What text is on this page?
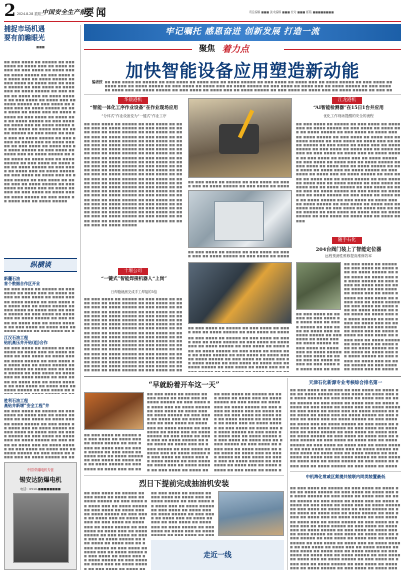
2 2024.8.28 星期三
中国安全生产报
要闻	责任编辑 ■■■ 美术编辑 ■■■ 校对 ■■■ 邮箱 ■■■■■■■■
捕捉市场机遇
要有前瞻眼光
■■■
■■ ■■■ ■■■■ ■■ ■■■■■ ■■ ■■■ ■■■■ ■■ ■■■■ ■■■ ■■ ■■■■ ■■■■■ ■■ ■■■ ■■■■ ■■ ■■■■ ■■■ ■■ ■■■■ ■■■■■ ■■ ■■■ ■■■■ ■■ ■■■■ ■■■ ■■ ■■■■ ■■■■■ ■■ ■■■ ■■■■ ■■ ■■■■ ■■■ ■■ ■■■■ ■■■■■ ■■ ■■■ ■■■■ ■■ ■■■■ ■■■ ■■ ■■■■ ■■■■■ ■■ ■■■ ■■■■ ■■ ■■■■ ■■■ ■■ ■■■■ ■■■■■ ■■ ■■■ ■■■■ ■■ ■■■■ ■■■ ■■ ■■■■ ■■■■■ ■■ ■■■ ■■■■ ■■ ■■■■ ■■■ ■■ ■■■■ ■■■■■ ■■ ■■■ ■■■■ ■■ ■■■■ ■■■ ■■ ■■■■ ■■■■■ ■■ ■■■ ■■■■ ■■ ■■■■ ■■■ ■■ ■■■■ ■■■■■ ■■ ■■■ ■■■■ ■■ ■■■■ ■■■ ■■ ■■■■ ■■■■■ ■■ ■■■ ■■■■ ■■ ■■■■ ■■■ ■■ ■■■■ ■■■■■ ■■ ■■■ ■■■■ ■■ ■■■■ ■■■ ■■ ■■■■ ■■■■■ ■■ ■■■ ■■■■ ■■ ■■■■ ■■■ ■■ ■■■■ ■■■■■ ■■ ■■■ ■■■■ ■■ ■■■■ ■■■ ■■ ■■■■ ■■■■■ ■■ ■■■ ■■■■ ■■ ■■■■ ■■■ ■■ ■■■■ ■■■■■ ■■ ■■■ ■■■■ ■■ ■■■■ ■■■ ■■ ■■■■ ■■■■■ ■■ ■■■ ■■■■ ■■ ■■■■ ■■■ ■■ ■■■■ ■■■■■ ■■ ■■■ ■■■■ ■■ ■■■■ ■■■ ■■ ■■■■ ■■■■■ ■■ ■■■ ■■■■ ■■ ■■■■ ■■■ ■■ ■■■■ ■■■■■ ■■ ■■■ ■■■■ ■■ ■■■■ ■■■ ■■ ■■■■ ■■■■■ ■■ ■■■ ■■■■ ■■ ■■■■ ■■■ ■■ ■■■■ ■■■■■ ■■ ■■■ ■■■■ ■■ ■■■■ ■■■ ■■ ■■■■ ■■■■■ ■■ ■■■ ■■■■ ■■ ■■■■ ■■■ ■■ ■■■■ ■■■■■
纵横谈
新疆石油
首个数据合作区开业
■■ ■■■ ■■■■ ■■ ■■■■■ ■■ ■■■ ■■■■ ■■ ■■■■ ■■■ ■■ ■■■■ ■■■■■ ■■ ■■■ ■■■■ ■■ ■■■■ ■■■ ■■ ■■■■ ■■■■■ ■■ ■■■ ■■■■ ■■ ■■■■ ■■■ ■■ ■■■■ ■■■■■ ■■ ■■■ ■■■■ ■■ ■■■■ ■■■ ■■ ■■■■ ■■■■■ ■■ ■■■ ■■■■ ■■ ■■■■ ■■■ ■■ ■■■■ ■■■■■ ■■ ■■■ ■■■■ ■■ ■■■■ ■■■ ■■ ■■■■ ■■■■■ ■■ ■■■ ■■■■ ■■ ■■■■ ■■■ ■■ ■■■■ ■■■■■ ■■ ■■■ ■■■■ ■■ ■■■■ ■■■ ■■ ■■■■ ■■■■■ ■■ ■■■ ■■■■ ■■ ■■■■ ■■■ ■■ ■■■■ ■■■■■ ■■ ■■■ ■■■■ ■■ ■■■■ ■■■ ■■ ■■■■ ■■■■■ ■■ ■■■ ■■■■ ■■ ■■■■ ■■■ ■■ ■■■■ ■■■■■ ■■ ■■■ ■■■■ ■■ ■■■■ ■■■ ■■ ■■■■ ■■■■■ ■■ ■■■ ■■■■ ■■ ■■■■ ■■■ ■■ ■■■■ ■■■■■ ■■ ■■■ ■■■■ ■■ ■■■■ ■■■ ■■ ■■■■ ■■■■■ ■■ ■■■ ■■■■ ■■ ■■■■ ■■■ ■■ ■■■■ ■■■■■ ■■ ■■■ ■■■■ ■■ ■■■■ ■■■ ■■ ■■■■ ■■■■■ ■■ ■■■ ■■■■ ■■ ■■■■ ■■■ ■■ ■■■■ ■■■■■ ■■ ■■■ ■■■■ ■■ ■■■■ ■■■ ■■ ■■■■ ■■■■■ ■■ ■■■ ■■■■ ■■ ■■■■ ■■■ ■■ ■■■■ ■■■■■ ■■ ■■■ ■■■■ ■■ ■■■■ ■■■ ■■ ■■■■ ■■■■■ ■■ ■■■ ■■■■ ■■ ■■■■ ■■■ ■■ ■■■■ ■■■■■ ■■ ■■■ ■■■■ ■■ ■■■■ ■■■ ■■ ■■■■ ■■■■■ ■■ ■■■ ■■■■ ■■ ■■■■ ■■■ ■■ ■■■■ ■■■■■ ■■ ■■■ ■■■■ ■■ ■■■■ ■■■ ■■ ■■■■ ■■■■■
江汉石油工程
钻机高压井开钻(组)合作
■■ ■■■ ■■■■ ■■ ■■■■■ ■■ ■■■ ■■■■ ■■ ■■■■ ■■■ ■■ ■■■■ ■■■■■ ■■ ■■■ ■■■■ ■■ ■■■■ ■■■ ■■ ■■■■ ■■■■■ ■■ ■■■ ■■■■ ■■ ■■■■ ■■■ ■■ ■■■■ ■■■■■ ■■ ■■■ ■■■■ ■■ ■■■■ ■■■ ■■ ■■■■ ■■■■■ ■■ ■■■ ■■■■ ■■ ■■■■ ■■■ ■■ ■■■■ ■■■■■ ■■ ■■■ ■■■■ ■■ ■■■■ ■■■ ■■ ■■■■ ■■■■■ ■■ ■■■ ■■■■ ■■ ■■■■ ■■■ ■■ ■■■■ ■■■■■ ■■ ■■■ ■■■■ ■■ ■■■■ ■■■ ■■ ■■■■ ■■■■■ ■■ ■■■ ■■■■ ■■ ■■■■ ■■■ ■■ ■■■■ ■■■■■ ■■ ■■■ ■■■■ ■■ ■■■■ ■■■ ■■ ■■■■ ■■■■■ ■■ ■■■ ■■■■ ■■ ■■■■ ■■■ ■■ ■■■■ ■■■■■ ■■ ■■■ ■■■■ ■■ ■■■■ ■■■ ■■ ■■■■ ■■■■■ ■■ ■■■ ■■■■ ■■ ■■■■ ■■■ ■■ ■■■■ ■■■■■ ■■ ■■■ ■■■■ ■■ ■■■■ ■■■ ■■ ■■■■ ■■■■■ ■■ ■■■ ■■■■ ■■ ■■■■ ■■■ ■■ ■■■■ ■■■■■ ■■ ■■■ ■■■■ ■■ ■■■■ ■■■ ■■ ■■■■ ■■■■■ ■■ ■■■ ■■■■ ■■ ■■■■ ■■■ ■■ ■■■■ ■■■■■ ■■ ■■■ ■■■■ ■■ ■■■■ ■■■ ■■ ■■■■ ■■■■■ ■■ ■■■ ■■■■ ■■ ■■■■ ■■■ ■■ ■■■■ ■■■■■ ■■ ■■■ ■■■■ ■■ ■■■■ ■■■ ■■ ■■■■ ■■■■■ ■■ ■■■ ■■■■ ■■ ■■■■ ■■■ ■■ ■■■■ ■■■■■ ■■ ■■■ ■■■■ ■■ ■■■■ ■■■ ■■ ■■■■ ■■■■■ ■■ ■■■ ■■■■ ■■ ■■■■ ■■■ ■■ ■■■■ ■■■■■ ■■ ■■■ ■■■■ ■■ ■■■■ ■■■ ■■ ■■■■ ■■■■■
胜利石油工程
高钻井新增“安全工程”井
■■ ■■■ ■■■■ ■■ ■■■■■ ■■ ■■■ ■■■■ ■■ ■■■■ ■■■ ■■ ■■■■ ■■■■■ ■■ ■■■ ■■■■ ■■ ■■■■ ■■■ ■■ ■■■■ ■■■■■ ■■ ■■■ ■■■■ ■■ ■■■■ ■■■ ■■ ■■■■ ■■■■■ ■■ ■■■ ■■■■ ■■ ■■■■ ■■■ ■■ ■■■■ ■■■■■ ■■ ■■■ ■■■■ ■■ ■■■■ ■■■ ■■ ■■■■ ■■■■■ ■■ ■■■ ■■■■ ■■ ■■■■ ■■■ ■■ ■■■■ ■■■■■ ■■ ■■■ ■■■■ ■■ ■■■■ ■■■ ■■ ■■■■ ■■■■■ ■■ ■■■ ■■■■ ■■ ■■■■ ■■■ ■■ ■■■■ ■■■■■ ■■ ■■■ ■■■■ ■■ ■■■■ ■■■ ■■ ■■■■ ■■■■■ ■■ ■■■ ■■■■ ■■ ■■■■ ■■■ ■■ ■■■■ ■■■■■ ■■ ■■■ ■■■■ ■■ ■■■■ ■■■ ■■ ■■■■ ■■■■■ ■■ ■■■ ■■■■ ■■ ■■■■ ■■■ ■■ ■■■■ ■■■■■ ■■ ■■■ ■■■■ ■■ ■■■■ ■■■ ■■ ■■■■ ■■■■■ ■■ ■■■ ■■■■ ■■ ■■■■ ■■■ ■■ ■■■■ ■■■■■ ■■ ■■■ ■■■■ ■■ ■■■■ ■■■ ■■ ■■■■ ■■■■■ ■■ ■■■ ■■■■ ■■ ■■■■ ■■■ ■■ ■■■■ ■■■■■ ■■ ■■■ ■■■■ ■■ ■■■■ ■■■ ■■ ■■■■ ■■■■■ ■■ ■■■ ■■■■ ■■ ■■■■ ■■■ ■■ ■■■■ ■■■■■ ■■ ■■■ ■■■■ ■■ ■■■■ ■■■ ■■ ■■■■ ■■■■■ ■■ ■■■ ■■■■ ■■ ■■■■ ■■■ ■■ ■■■■ ■■■■■ ■■ ■■■ ■■■■ ■■ ■■■■ ■■■ ■■ ■■■■ ■■■■■ ■■ ■■■ ■■■■ ■■ ■■■■ ■■■ ■■ ■■■■ ■■■■■ ■■ ■■■ ■■■■ ■■ ■■■■ ■■■ ■■ ■■■■ ■■■■■ ■■ ■■■ ■■■■ ■■ ■■■■ ■■■ ■■ ■■■■ ■■■■■
中国·防爆电机专营
锡安达防爆电机
电话：0510-■■■■■■■■
牢记嘱托 感恩奋进 创新发展 打造一流
聚焦 着力点
加快智能设备应用塑造新动能
编者按
■■ ■■■ ■■■■ ■■ ■■■■■ ■■ ■■■ ■■■■ ■■ ■■■■ ■■■ ■■ ■■■■ ■■■■■ ■■ ■■■ ■■■■ ■■ ■■■■ ■■■ ■■ ■■■■ ■■■■■ ■■ ■■■ ■■■■ ■■ ■■■■ ■■■ ■■ ■■■■ ■■■■■ ■■ ■■■ ■■■■ ■■ ■■■■ ■■■ ■■ ■■■■ ■■■■■ ■■ ■■■ ■■■■ ■■ ■■■■ ■■■ ■■ ■■■■ ■■■■■ ■■ ■■■ ■■■■ ■■ ■■■■ ■■■ ■■ ■■■■ ■■■■■ ■■ ■■■ ■■■■ ■■ ■■■■ ■■■ ■■ ■■■■ ■■■■■ ■■ ■■■ ■■■■ ■■ ■■■■ ■■■ ■■ ■■■■ ■■■■■ ■■ ■■■ ■■■■ ■■ ■■■■ ■■■ ■■ ■■■■ ■■■■■ ■■ ■■■ ■■■■ ■■ ■■■■ ■■■ ■■ ■■■■ ■■■■■ ■■ ■■■ ■■■■ ■■ ■■■■ ■■■ ■■ ■■■■ ■■■■■ ■■ ■■■ ■■■■ ■■ ■■■■ ■■■ ■■ ■■■■ ■■■■■ ■■ ■■■ ■■■■ ■■ ■■■■ ■■■ ■■ ■■■■ ■■■■■ ■■ ■■■ ■■■■ ■■ ■■■■ ■■■ ■■ ■■■■ ■■■■■ ■■ ■■■ ■■■■ ■■ ■■■■ ■■■ ■■ ■■■■ ■■■■■ ■■ ■■■ ■■■■ ■■ ■■■■ ■■■ ■■ ■■■■ ■■■■■ ■■ ■■■ ■■■■ ■■ ■■■■ ■■■ ■■ ■■■■ ■■■■■ ■■ ■■■ ■■■■ ■■ ■■■■ ■■■ ■■ ■■■■ ■■■■■ ■■ ■■■ ■■■■ ■■ ■■■■ ■■■ ■■ ■■■■ ■■■■■ ■■ ■■■ ■■■■ ■■ ■■■■ ■■■ ■■ ■■■■ ■■■■■ ■■ ■■■ ■■■■ ■■ ■■■■ ■■■ ■■ ■■■■ ■■■■■ ■■ ■■■ ■■■■ ■■ ■■■■ ■■■ ■■ ■■■■ ■■■■■ ■■ ■■■ ■■■■ ■■ ■■■■ ■■■ ■■ ■■■■ ■■■■■ ■■ ■■■ ■■■■ ■■ ■■■■ ■■■ ■■ ■■■■ ■■■■■
华晨港机
“智能一体化工序作业设备”在作业现场应用
“分体式”作业设备变为“一键式”作业工序
■■ ■■■ ■■■■ ■■ ■■■■■ ■■ ■■■ ■■■■ ■■ ■■■■ ■■■ ■■ ■■■■ ■■■■■ ■■ ■■■ ■■■■ ■■ ■■■■ ■■■ ■■ ■■■■ ■■■■■ ■■ ■■■ ■■■■ ■■ ■■■■ ■■■ ■■ ■■■■ ■■■■■ ■■ ■■■ ■■■■ ■■ ■■■■ ■■■ ■■ ■■■■ ■■■■■ ■■ ■■■ ■■■■ ■■ ■■■■ ■■■ ■■ ■■■■ ■■■■■ ■■ ■■■ ■■■■ ■■ ■■■■ ■■■ ■■ ■■■■ ■■■■■ ■■ ■■■ ■■■■ ■■ ■■■■ ■■■ ■■ ■■■■ ■■■■■ ■■ ■■■ ■■■■ ■■ ■■■■ ■■■ ■■ ■■■■ ■■■■■ ■■ ■■■ ■■■■ ■■ ■■■■ ■■■ ■■ ■■■■ ■■■■■ ■■ ■■■ ■■■■ ■■ ■■■■ ■■■ ■■ ■■■■ ■■■■■ ■■ ■■■ ■■■■ ■■ ■■■■ ■■■ ■■ ■■■■ ■■■■■ ■■ ■■■ ■■■■ ■■ ■■■■ ■■■ ■■ ■■■■ ■■■■■ ■■ ■■■ ■■■■ ■■ ■■■■ ■■■ ■■ ■■■■ ■■■■■ ■■ ■■■ ■■■■ ■■ ■■■■ ■■■ ■■ ■■■■ ■■■■■ ■■ ■■■ ■■■■ ■■ ■■■■ ■■■ ■■ ■■■■ ■■■■■ ■■ ■■■ ■■■■ ■■ ■■■■ ■■■ ■■ ■■■■ ■■■■■ ■■ ■■■ ■■■■ ■■ ■■■■ ■■■ ■■ ■■■■ ■■■■■ ■■ ■■■ ■■■■ ■■ ■■■■ ■■■ ■■ ■■■■ ■■■■■ ■■ ■■■ ■■■■ ■■ ■■■■ ■■■ ■■ ■■■■ ■■■■■ ■■ ■■■ ■■■■ ■■ ■■■■ ■■■ ■■ ■■■■ ■■■■■ ■■ ■■■ ■■■■ ■■ ■■■■ ■■■ ■■ ■■■■ ■■■■■ ■■ ■■■ ■■■■ ■■ ■■■■ ■■■ ■■ ■■■■ ■■■■■ ■■ ■■■ ■■■■ ■■ ■■■■ ■■■ ■■ ■■■■ ■■■■■ ■■ ■■■ ■■■■ ■■ ■■■■ ■■■ ■■ ■■■■ ■■■■■
■■ ■■■ ■■■■ ■■ ■■■■■ ■■ ■■■ ■■■■ ■■ ■■■■ ■■■ ■■ ■■■■ ■■■■■ ■■ ■■■ ■■■■ ■■ ■■■■ ■■■ ■■ ■■■■ ■■■■■ ■■ ■■■ ■■■■ ■■ ■■■■ ■■■ ■■ ■■■■ ■■■■■ ■■ ■■■ ■■■■ ■■ ■■■■ ■■■ ■■ ■■■■ ■■■■■ ■■ ■■■ ■■■■ ■■ ■■■■ ■■■ ■■ ■■■■ ■■■■■ ■■ ■■■ ■■■■ ■■ ■■■■ ■■■ ■■ ■■■■ ■■■■■ ■■ ■■■ ■■■■ ■■ ■■■■ ■■■ ■■ ■■■■ ■■■■■ ■■ ■■■ ■■■■ ■■ ■■■■ ■■■ ■■ ■■■■ ■■■■■ ■■ ■■■ ■■■■ ■■ ■■■■ ■■■ ■■ ■■■■ ■■■■■ ■■ ■■■ ■■■■ ■■ ■■■■ ■■■ ■■ ■■■■ ■■■■■ ■■ ■■■ ■■■■ ■■ ■■■■ ■■■ ■■ ■■■■ ■■■■■ ■■ ■■■ ■■■■ ■■ ■■■■ ■■■ ■■ ■■■■ ■■■■■ ■■ ■■■ ■■■■ ■■ ■■■■ ■■■ ■■ ■■■■ ■■■■■ ■■ ■■■ ■■■■ ■■ ■■■■ ■■■ ■■ ■■■■ ■■■■■ ■■ ■■■ ■■■■ ■■ ■■■■ ■■■ ■■ ■■■■ ■■■■■ ■■ ■■■ ■■■■ ■■ ■■■■ ■■■ ■■ ■■■■ ■■■■■ ■■ ■■■ ■■■■ ■■ ■■■■ ■■■ ■■ ■■■■ ■■■■■ ■■ ■■■ ■■■■ ■■ ■■■■ ■■■ ■■ ■■■■ ■■■■■ ■■ ■■■ ■■■■ ■■ ■■■■ ■■■ ■■ ■■■■ ■■■■■ ■■ ■■■ ■■■■ ■■ ■■■■ ■■■ ■■ ■■■■ ■■■■■ ■■ ■■■ ■■■■ ■■ ■■■■ ■■■ ■■ ■■■■ ■■■■■ ■■ ■■■ ■■■■ ■■ ■■■■ ■■■ ■■ ■■■■ ■■■■■ ■■ ■■■ ■■■■ ■■ ■■■■ ■■■ ■■ ■■■■ ■■■■■ ■■ ■■■ ■■■■ ■■ ■■■■ ■■■ ■■ ■■■■ ■■■■■
■■ ■■■ ■■■■ ■■ ■■■■■ ■■ ■■■ ■■■■ ■■ ■■■■ ■■■ ■■ ■■■■ ■■■■■ ■■ ■■■ ■■■■ ■■ ■■■■ ■■■ ■■ ■■■■ ■■■■■ ■■ ■■■ ■■■■ ■■ ■■■■ ■■■ ■■ ■■■■ ■■■■■ ■■ ■■■ ■■■■ ■■ ■■■■ ■■■ ■■ ■■■■ ■■■■■ ■■ ■■■ ■■■■ ■■ ■■■■ ■■■ ■■ ■■■■ ■■■■■ ■■ ■■■ ■■■■ ■■ ■■■■ ■■■ ■■ ■■■■ ■■■■■ ■■ ■■■ ■■■■ ■■ ■■■■ ■■■ ■■ ■■■■ ■■■■■ ■■ ■■■ ■■■■ ■■ ■■■■ ■■■ ■■ ■■■■ ■■■■■ ■■ ■■■ ■■■■ ■■ ■■■■ ■■■ ■■ ■■■■ ■■■■■ ■■ ■■■ ■■■■ ■■ ■■■■ ■■■ ■■ ■■■■ ■■■■■ ■■ ■■■ ■■■■ ■■ ■■■■ ■■■ ■■ ■■■■ ■■■■■ ■■ ■■■ ■■■■ ■■ ■■■■ ■■■ ■■ ■■■■ ■■■■■ ■■ ■■■ ■■■■ ■■ ■■■■ ■■■ ■■ ■■■■ ■■■■■ ■■ ■■■ ■■■■ ■■ ■■■■ ■■■ ■■ ■■■■ ■■■■■ ■■ ■■■ ■■■■ ■■ ■■■■ ■■■ ■■ ■■■■ ■■■■■ ■■ ■■■ ■■■■ ■■ ■■■■ ■■■ ■■ ■■■■ ■■■■■ ■■ ■■■ ■■■■ ■■ ■■■■ ■■■ ■■ ■■■■ ■■■■■ ■■ ■■■ ■■■■ ■■ ■■■■ ■■■ ■■ ■■■■ ■■■■■ ■■ ■■■ ■■■■ ■■ ■■■■ ■■■ ■■ ■■■■ ■■■■■ ■■ ■■■ ■■■■ ■■ ■■■■ ■■■ ■■ ■■■■ ■■■■■ ■■ ■■■ ■■■■ ■■ ■■■■ ■■■ ■■ ■■■■ ■■■■■ ■■ ■■■ ■■■■ ■■ ■■■■ ■■■ ■■ ■■■■ ■■■■■ ■■ ■■■ ■■■■ ■■ ■■■■ ■■■ ■■ ■■■■ ■■■■■ ■■ ■■■ ■■■■ ■■ ■■■■ ■■■ ■■ ■■■■ ■■■■■
江龙港机
“AI智能检测器”在15日1台井应用
优化工作现场提醒的安全的流程
■■ ■■■ ■■■■ ■■ ■■■■■ ■■ ■■■ ■■■■ ■■ ■■■■ ■■■ ■■ ■■■■ ■■■■■ ■■ ■■■ ■■■■ ■■ ■■■■ ■■■ ■■ ■■■■ ■■■■■ ■■ ■■■ ■■■■ ■■ ■■■■ ■■■ ■■ ■■■■ ■■■■■ ■■ ■■■ ■■■■ ■■ ■■■■ ■■■ ■■ ■■■■ ■■■■■ ■■ ■■■ ■■■■ ■■ ■■■■ ■■■ ■■ ■■■■ ■■■■■ ■■ ■■■ ■■■■ ■■ ■■■■ ■■■ ■■ ■■■■ ■■■■■ ■■ ■■■ ■■■■ ■■ ■■■■ ■■■ ■■ ■■■■ ■■■■■ ■■ ■■■ ■■■■ ■■ ■■■■ ■■■ ■■ ■■■■ ■■■■■ ■■ ■■■ ■■■■ ■■ ■■■■ ■■■ ■■ ■■■■ ■■■■■ ■■ ■■■ ■■■■ ■■ ■■■■ ■■■ ■■ ■■■■ ■■■■■ ■■ ■■■ ■■■■ ■■ ■■■■ ■■■ ■■ ■■■■ ■■■■■ ■■ ■■■ ■■■■ ■■ ■■■■ ■■■ ■■ ■■■■ ■■■■■ ■■ ■■■ ■■■■ ■■ ■■■■ ■■■ ■■ ■■■■ ■■■■■ ■■ ■■■ ■■■■ ■■ ■■■■ ■■■ ■■ ■■■■ ■■■■■ ■■ ■■■ ■■■■ ■■ ■■■■ ■■■ ■■ ■■■■ ■■■■■ ■■ ■■■ ■■■■ ■■ ■■■■ ■■■ ■■ ■■■■ ■■■■■ ■■ ■■■ ■■■■ ■■ ■■■■ ■■■ ■■ ■■■■ ■■■■■ ■■ ■■■ ■■■■ ■■ ■■■■ ■■■ ■■ ■■■■ ■■■■■ ■■ ■■■ ■■■■ ■■ ■■■■ ■■■ ■■ ■■■■ ■■■■■ ■■ ■■■ ■■■■ ■■ ■■■■ ■■■ ■■ ■■■■ ■■■■■ ■■ ■■■ ■■■■ ■■ ■■■■ ■■■ ■■ ■■■■ ■■■■■ ■■ ■■■ ■■■■ ■■ ■■■■ ■■■ ■■ ■■■■ ■■■■■ ■■ ■■■ ■■■■ ■■ ■■■■ ■■■ ■■ ■■■■ ■■■■■ ■■ ■■■ ■■■■ ■■ ■■■■ ■■■ ■■ ■■■■ ■■■■■
随手石化
204台阀门装上了智能定位器
远程预测性维修提高维修效率
■■ ■■■ ■■■■ ■■ ■■■■■ ■■ ■■■ ■■■■ ■■ ■■■■ ■■■ ■■ ■■■■ ■■■■■ ■■ ■■■ ■■■■ ■■ ■■■■ ■■■ ■■ ■■■■ ■■■■■ ■■ ■■■ ■■■■ ■■ ■■■■ ■■■ ■■ ■■■■ ■■■■■ ■■ ■■■ ■■■■ ■■ ■■■■ ■■■ ■■ ■■■■ ■■■■■ ■■ ■■■ ■■■■ ■■ ■■■■ ■■■ ■■ ■■■■ ■■■■■ ■■ ■■■ ■■■■ ■■ ■■■■ ■■■ ■■ ■■■■ ■■■■■ ■■ ■■■ ■■■■ ■■ ■■■■ ■■■ ■■ ■■■■ ■■■■■ ■■ ■■■ ■■■■ ■■ ■■■■ ■■■ ■■ ■■■■ ■■■■■ ■■ ■■■ ■■■■ ■■ ■■■■ ■■■ ■■ ■■■■ ■■■■■ ■■ ■■■ ■■■■ ■■ ■■■■ ■■■ ■■ ■■■■ ■■■■■ ■■ ■■■ ■■■■ ■■ ■■■■ ■■■ ■■ ■■■■ ■■■■■ ■■ ■■■ ■■■■ ■■ ■■■■ ■■■ ■■ ■■■■ ■■■■■ ■■ ■■■ ■■■■ ■■ ■■■■ ■■■ ■■ ■■■■ ■■■■■ ■■ ■■■ ■■■■ ■■ ■■■■ ■■■ ■■ ■■■■ ■■■■■ ■■ ■■■ ■■■■ ■■ ■■■■ ■■■ ■■ ■■■■ ■■■■■ ■■ ■■■ ■■■■ ■■ ■■■■ ■■■ ■■ ■■■■ ■■■■■ ■■ ■■■ ■■■■ ■■ ■■■■ ■■■ ■■ ■■■■ ■■■■■ ■■ ■■■ ■■■■ ■■ ■■■■ ■■■ ■■ ■■■■ ■■■■■ ■■ ■■■ ■■■■ ■■ ■■■■ ■■■ ■■ ■■■■ ■■■■■ ■■ ■■■ ■■■■ ■■ ■■■■ ■■■ ■■ ■■■■ ■■■■■ ■■ ■■■ ■■■■ ■■ ■■■■ ■■■ ■■ ■■■■ ■■■■■ ■■ ■■■ ■■■■ ■■ ■■■■ ■■■ ■■ ■■■■ ■■■■■ ■■ ■■■ ■■■■ ■■ ■■■■ ■■■ ■■ ■■■■ ■■■■■ ■■ ■■■ ■■■■ ■■ ■■■■ ■■■ ■■ ■■■■ ■■■■■
■■ ■■■ ■■■■ ■■ ■■■■■ ■■ ■■■ ■■■■ ■■ ■■■■ ■■■ ■■ ■■■■ ■■■■■ ■■ ■■■ ■■■■ ■■ ■■■■ ■■■ ■■ ■■■■ ■■■■■ ■■ ■■■ ■■■■ ■■ ■■■■ ■■■ ■■ ■■■■ ■■■■■ ■■ ■■■ ■■■■ ■■ ■■■■ ■■■ ■■ ■■■■ ■■■■■ ■■ ■■■ ■■■■ ■■ ■■■■ ■■■ ■■ ■■■■ ■■■■■ ■■ ■■■ ■■■■ ■■ ■■■■ ■■■ ■■ ■■■■ ■■■■■ ■■ ■■■ ■■■■ ■■ ■■■■ ■■■ ■■ ■■■■ ■■■■■ ■■ ■■■ ■■■■ ■■ ■■■■ ■■■ ■■ ■■■■ ■■■■■ ■■ ■■■ ■■■■ ■■ ■■■■ ■■■ ■■ ■■■■ ■■■■■ ■■ ■■■ ■■■■ ■■ ■■■■ ■■■ ■■ ■■■■ ■■■■■ ■■ ■■■ ■■■■ ■■ ■■■■ ■■■ ■■ ■■■■ ■■■■■ ■■ ■■■ ■■■■ ■■ ■■■■ ■■■ ■■ ■■■■ ■■■■■ ■■ ■■■ ■■■■ ■■ ■■■■ ■■■ ■■ ■■■■ ■■■■■ ■■ ■■■ ■■■■ ■■ ■■■■ ■■■ ■■ ■■■■ ■■■■■ ■■ ■■■ ■■■■ ■■ ■■■■ ■■■ ■■ ■■■■ ■■■■■ ■■ ■■■ ■■■■ ■■ ■■■■ ■■■ ■■ ■■■■ ■■■■■ ■■ ■■■ ■■■■ ■■ ■■■■ ■■■ ■■ ■■■■ ■■■■■ ■■ ■■■ ■■■■ ■■ ■■■■ ■■■ ■■ ■■■■ ■■■■■ ■■ ■■■ ■■■■ ■■ ■■■■ ■■■ ■■ ■■■■ ■■■■■ ■■ ■■■ ■■■■ ■■ ■■■■ ■■■ ■■ ■■■■ ■■■■■ ■■ ■■■ ■■■■ ■■ ■■■■ ■■■ ■■ ■■■■ ■■■■■ ■■ ■■■ ■■■■ ■■ ■■■■ ■■■ ■■ ■■■■ ■■■■■ ■■ ■■■ ■■■■ ■■ ■■■■ ■■■ ■■ ■■■■ ■■■■■ ■■ ■■■ ■■■■ ■■ ■■■■ ■■■ ■■ ■■■■ ■■■■■
十堰公司
“一键式”智能焊接机器人“上岗”
日焊缝就测完成手工焊接的3倍
■■ ■■■ ■■■■ ■■ ■■■■■ ■■ ■■■ ■■■■ ■■ ■■■■ ■■■ ■■ ■■■■ ■■■■■ ■■ ■■■ ■■■■ ■■ ■■■■ ■■■ ■■ ■■■■ ■■■■■ ■■ ■■■ ■■■■ ■■ ■■■■ ■■■ ■■ ■■■■ ■■■■■ ■■ ■■■ ■■■■ ■■ ■■■■ ■■■ ■■ ■■■■ ■■■■■ ■■ ■■■ ■■■■ ■■ ■■■■ ■■■ ■■ ■■■■ ■■■■■ ■■ ■■■ ■■■■ ■■ ■■■■ ■■■ ■■ ■■■■ ■■■■■ ■■ ■■■ ■■■■ ■■ ■■■■ ■■■ ■■ ■■■■ ■■■■■ ■■ ■■■ ■■■■ ■■ ■■■■ ■■■ ■■ ■■■■ ■■■■■ ■■ ■■■ ■■■■ ■■ ■■■■ ■■■ ■■ ■■■■ ■■■■■ ■■ ■■■ ■■■■ ■■ ■■■■ ■■■ ■■ ■■■■ ■■■■■ ■■ ■■■ ■■■■ ■■ ■■■■ ■■■ ■■ ■■■■ ■■■■■ ■■ ■■■ ■■■■ ■■ ■■■■ ■■■ ■■ ■■■■ ■■■■■ ■■ ■■■ ■■■■ ■■ ■■■■ ■■■ ■■ ■■■■ ■■■■■ ■■ ■■■ ■■■■ ■■ ■■■■ ■■■ ■■ ■■■■ ■■■■■ ■■ ■■■ ■■■■ ■■ ■■■■ ■■■ ■■ ■■■■ ■■■■■ ■■ ■■■ ■■■■ ■■ ■■■■ ■■■ ■■ ■■■■ ■■■■■ ■■ ■■■ ■■■■ ■■ ■■■■ ■■■ ■■ ■■■■ ■■■■■ ■■ ■■■ ■■■■ ■■ ■■■■ ■■■ ■■ ■■■■ ■■■■■ ■■ ■■■ ■■■■ ■■ ■■■■ ■■■ ■■ ■■■■ ■■■■■ ■■ ■■■ ■■■■ ■■ ■■■■ ■■■ ■■ ■■■■ ■■■■■ ■■ ■■■ ■■■■ ■■ ■■■■ ■■■ ■■ ■■■■ ■■■■■ ■■ ■■■ ■■■■ ■■ ■■■■ ■■■ ■■ ■■■■ ■■■■■ ■■ ■■■ ■■■■ ■■ ■■■■ ■■■ ■■ ■■■■ ■■■■■ ■■ ■■■ ■■■■ ■■ ■■■■ ■■■ ■■ ■■■■ ■■■■■
■■ ■■■ ■■■■ ■■ ■■■■■ ■■ ■■■ ■■■■ ■■ ■■■■ ■■■ ■■ ■■■■ ■■■■■ ■■ ■■■ ■■■■ ■■ ■■■■ ■■■ ■■ ■■■■ ■■■■■ ■■ ■■■ ■■■■ ■■ ■■■■ ■■■ ■■ ■■■■ ■■■■■ ■■ ■■■ ■■■■ ■■ ■■■■ ■■■ ■■ ■■■■ ■■■■■ ■■ ■■■ ■■■■ ■■ ■■■■ ■■■ ■■ ■■■■ ■■■■■ ■■ ■■■ ■■■■ ■■ ■■■■ ■■■ ■■ ■■■■ ■■■■■ ■■ ■■■ ■■■■ ■■ ■■■■ ■■■ ■■ ■■■■ ■■■■■ ■■ ■■■ ■■■■ ■■ ■■■■ ■■■ ■■ ■■■■ ■■■■■ ■■ ■■■ ■■■■ ■■ ■■■■ ■■■ ■■ ■■■■ ■■■■■ ■■ ■■■ ■■■■ ■■ ■■■■ ■■■ ■■ ■■■■ ■■■■■ ■■ ■■■ ■■■■ ■■ ■■■■ ■■■ ■■ ■■■■ ■■■■■ ■■ ■■■ ■■■■ ■■ ■■■■ ■■■ ■■ ■■■■ ■■■■■ ■■ ■■■ ■■■■ ■■ ■■■■ ■■■ ■■ ■■■■ ■■■■■ ■■ ■■■ ■■■■ ■■ ■■■■ ■■■ ■■ ■■■■ ■■■■■ ■■ ■■■ ■■■■ ■■ ■■■■ ■■■ ■■ ■■■■ ■■■■■ ■■ ■■■ ■■■■ ■■ ■■■■ ■■■ ■■ ■■■■ ■■■■■ ■■ ■■■ ■■■■ ■■ ■■■■ ■■■ ■■ ■■■■ ■■■■■ ■■ ■■■ ■■■■ ■■ ■■■■ ■■■ ■■ ■■■■ ■■■■■ ■■ ■■■ ■■■■ ■■ ■■■■ ■■■ ■■ ■■■■ ■■■■■ ■■ ■■■ ■■■■ ■■ ■■■■ ■■■ ■■ ■■■■ ■■■■■ ■■ ■■■ ■■■■ ■■ ■■■■ ■■■ ■■ ■■■■ ■■■■■ ■■ ■■■ ■■■■ ■■ ■■■■ ■■■ ■■ ■■■■ ■■■■■ ■■ ■■■ ■■■■ ■■ ■■■■ ■■■ ■■ ■■■■ ■■■■■ ■■ ■■■ ■■■■ ■■ ■■■■ ■■■ ■■ ■■■■ ■■■■■
■■ ■■■ ■■■■ ■■ ■■■■■ ■■ ■■■ ■■■■ ■■ ■■■■ ■■■ ■■ ■■■■ ■■■■■ ■■ ■■■ ■■■■ ■■ ■■■■ ■■■ ■■ ■■■■ ■■■■■ ■■ ■■■ ■■■■ ■■ ■■■■ ■■■ ■■ ■■■■ ■■■■■ ■■ ■■■ ■■■■ ■■ ■■■■ ■■■ ■■ ■■■■ ■■■■■ ■■ ■■■ ■■■■ ■■ ■■■■ ■■■ ■■ ■■■■ ■■■■■ ■■ ■■■ ■■■■ ■■ ■■■■ ■■■ ■■ ■■■■ ■■■■■ ■■ ■■■ ■■■■ ■■ ■■■■ ■■■ ■■ ■■■■ ■■■■■ ■■ ■■■ ■■■■ ■■ ■■■■ ■■■ ■■ ■■■■ ■■■■■ ■■ ■■■ ■■■■ ■■ ■■■■ ■■■ ■■ ■■■■ ■■■■■ ■■ ■■■ ■■■■ ■■ ■■■■ ■■■ ■■ ■■■■ ■■■■■ ■■ ■■■ ■■■■ ■■ ■■■■ ■■■ ■■ ■■■■ ■■■■■ ■■ ■■■ ■■■■ ■■ ■■■■ ■■■ ■■ ■■■■ ■■■■■ ■■ ■■■ ■■■■ ■■ ■■■■ ■■■ ■■ ■■■■ ■■■■■ ■■ ■■■ ■■■■ ■■ ■■■■ ■■■ ■■ ■■■■ ■■■■■ ■■ ■■■ ■■■■ ■■ ■■■■ ■■■ ■■ ■■■■ ■■■■■ ■■ ■■■ ■■■■ ■■ ■■■■ ■■■ ■■ ■■■■ ■■■■■ ■■ ■■■ ■■■■ ■■ ■■■■ ■■■ ■■ ■■■■ ■■■■■ ■■ ■■■ ■■■■ ■■ ■■■■ ■■■ ■■ ■■■■ ■■■■■ ■■ ■■■ ■■■■ ■■ ■■■■ ■■■ ■■ ■■■■ ■■■■■ ■■ ■■■ ■■■■ ■■ ■■■■ ■■■ ■■ ■■■■ ■■■■■ ■■ ■■■ ■■■■ ■■ ■■■■ ■■■ ■■ ■■■■ ■■■■■ ■■ ■■■ ■■■■ ■■ ■■■■ ■■■ ■■ ■■■■ ■■■■■ ■■ ■■■ ■■■■ ■■ ■■■■ ■■■ ■■ ■■■■ ■■■■■ ■■ ■■■ ■■■■ ■■ ■■■■ ■■■ ■■ ■■■■ ■■■■■
“早就盼着开车这一天”
■■ ■■■ ■■■■ ■■ ■■■■■ ■■ ■■■ ■■■■ ■■ ■■■■ ■■■ ■■ ■■■■ ■■■■■ ■■ ■■■ ■■■■ ■■ ■■■■ ■■■ ■■ ■■■■ ■■■■■ ■■ ■■■ ■■■■ ■■ ■■■■ ■■■ ■■ ■■■■ ■■■■■ ■■ ■■■ ■■■■ ■■ ■■■■ ■■■ ■■ ■■■■ ■■■■■ ■■ ■■■ ■■■■ ■■ ■■■■ ■■■ ■■ ■■■■ ■■■■■ ■■ ■■■ ■■■■ ■■ ■■■■ ■■■ ■■ ■■■■ ■■■■■ ■■ ■■■ ■■■■ ■■ ■■■■ ■■■ ■■ ■■■■ ■■■■■ ■■ ■■■ ■■■■ ■■ ■■■■ ■■■ ■■ ■■■■ ■■■■■ ■■ ■■■ ■■■■ ■■ ■■■■ ■■■ ■■ ■■■■ ■■■■■ ■■ ■■■ ■■■■ ■■ ■■■■ ■■■ ■■ ■■■■ ■■■■■ ■■ ■■■ ■■■■ ■■ ■■■■ ■■■ ■■ ■■■■ ■■■■■ ■■ ■■■ ■■■■ ■■ ■■■■ ■■■ ■■ ■■■■ ■■■■■ ■■ ■■■ ■■■■ ■■ ■■■■ ■■■ ■■ ■■■■ ■■■■■ ■■ ■■■ ■■■■ ■■ ■■■■ ■■■ ■■ ■■■■ ■■■■■ ■■ ■■■ ■■■■ ■■ ■■■■ ■■■ ■■ ■■■■ ■■■■■ ■■ ■■■ ■■■■ ■■ ■■■■ ■■■ ■■ ■■■■ ■■■■■ ■■ ■■■ ■■■■ ■■ ■■■■ ■■■ ■■ ■■■■ ■■■■■ ■■ ■■■ ■■■■ ■■ ■■■■ ■■■ ■■ ■■■■ ■■■■■ ■■ ■■■ ■■■■ ■■ ■■■■ ■■■ ■■ ■■■■ ■■■■■ ■■ ■■■ ■■■■ ■■ ■■■■ ■■■ ■■ ■■■■ ■■■■■ ■■ ■■■ ■■■■ ■■ ■■■■ ■■■ ■■ ■■■■ ■■■■■ ■■ ■■■ ■■■■ ■■ ■■■■ ■■■ ■■ ■■■■ ■■■■■ ■■ ■■■ ■■■■ ■■ ■■■■ ■■■ ■■ ■■■■ ■■■■■ ■■ ■■■ ■■■■ ■■ ■■■■ ■■■ ■■ ■■■■ ■■■■■
■■ ■■■ ■■■■ ■■ ■■■■■ ■■ ■■■ ■■■■ ■■ ■■■■ ■■■ ■■ ■■■■ ■■■■■ ■■ ■■■ ■■■■ ■■ ■■■■ ■■■ ■■ ■■■■ ■■■■■ ■■ ■■■ ■■■■ ■■ ■■■■ ■■■ ■■ ■■■■ ■■■■■ ■■ ■■■ ■■■■ ■■ ■■■■ ■■■ ■■ ■■■■ ■■■■■ ■■ ■■■ ■■■■ ■■ ■■■■ ■■■ ■■ ■■■■ ■■■■■ ■■ ■■■ ■■■■ ■■ ■■■■ ■■■ ■■ ■■■■ ■■■■■ ■■ ■■■ ■■■■ ■■ ■■■■ ■■■ ■■ ■■■■ ■■■■■ ■■ ■■■ ■■■■ ■■ ■■■■ ■■■ ■■ ■■■■ ■■■■■ ■■ ■■■ ■■■■ ■■ ■■■■ ■■■ ■■ ■■■■ ■■■■■ ■■ ■■■ ■■■■ ■■ ■■■■ ■■■ ■■ ■■■■ ■■■■■ ■■ ■■■ ■■■■ ■■ ■■■■ ■■■ ■■ ■■■■ ■■■■■ ■■ ■■■ ■■■■ ■■ ■■■■ ■■■ ■■ ■■■■ ■■■■■ ■■ ■■■ ■■■■ ■■ ■■■■ ■■■ ■■ ■■■■ ■■■■■ ■■ ■■■ ■■■■ ■■ ■■■■ ■■■ ■■ ■■■■ ■■■■■ ■■ ■■■ ■■■■ ■■ ■■■■ ■■■ ■■ ■■■■ ■■■■■ ■■ ■■■ ■■■■ ■■ ■■■■ ■■■ ■■ ■■■■ ■■■■■ ■■ ■■■ ■■■■ ■■ ■■■■ ■■■ ■■ ■■■■ ■■■■■ ■■ ■■■ ■■■■ ■■ ■■■■ ■■■ ■■ ■■■■ ■■■■■ ■■ ■■■ ■■■■ ■■ ■■■■ ■■■ ■■ ■■■■ ■■■■■ ■■ ■■■ ■■■■ ■■ ■■■■ ■■■ ■■ ■■■■ ■■■■■ ■■ ■■■ ■■■■ ■■ ■■■■ ■■■ ■■ ■■■■ ■■■■■ ■■ ■■■ ■■■■ ■■ ■■■■ ■■■ ■■ ■■■■ ■■■■■ ■■ ■■■ ■■■■ ■■ ■■■■ ■■■ ■■ ■■■■ ■■■■■ ■■ ■■■ ■■■■ ■■ ■■■■ ■■■ ■■ ■■■■ ■■■■■
■■ ■■■ ■■■■ ■■ ■■■■■ ■■ ■■■ ■■■■ ■■ ■■■■ ■■■ ■■ ■■■■ ■■■■■ ■■ ■■■ ■■■■ ■■ ■■■■ ■■■ ■■ ■■■■ ■■■■■ ■■ ■■■ ■■■■ ■■ ■■■■ ■■■ ■■ ■■■■ ■■■■■ ■■ ■■■ ■■■■ ■■ ■■■■ ■■■ ■■ ■■■■ ■■■■■ ■■ ■■■ ■■■■ ■■ ■■■■ ■■■ ■■ ■■■■ ■■■■■ ■■ ■■■ ■■■■ ■■ ■■■■ ■■■ ■■ ■■■■ ■■■■■ ■■ ■■■ ■■■■ ■■ ■■■■ ■■■ ■■ ■■■■ ■■■■■ ■■ ■■■ ■■■■ ■■ ■■■■ ■■■ ■■ ■■■■ ■■■■■ ■■ ■■■ ■■■■ ■■ ■■■■ ■■■ ■■ ■■■■ ■■■■■ ■■ ■■■ ■■■■ ■■ ■■■■ ■■■ ■■ ■■■■ ■■■■■ ■■ ■■■ ■■■■ ■■ ■■■■ ■■■ ■■ ■■■■ ■■■■■ ■■ ■■■ ■■■■ ■■ ■■■■ ■■■ ■■ ■■■■ ■■■■■ ■■ ■■■ ■■■■ ■■ ■■■■ ■■■ ■■ ■■■■ ■■■■■ ■■ ■■■ ■■■■ ■■ ■■■■ ■■■ ■■ ■■■■ ■■■■■ ■■ ■■■ ■■■■ ■■ ■■■■ ■■■ ■■ ■■■■ ■■■■■ ■■ ■■■ ■■■■ ■■ ■■■■ ■■■ ■■ ■■■■ ■■■■■ ■■ ■■■ ■■■■ ■■ ■■■■ ■■■ ■■ ■■■■ ■■■■■ ■■ ■■■ ■■■■ ■■ ■■■■ ■■■ ■■ ■■■■ ■■■■■ ■■ ■■■ ■■■■ ■■ ■■■■ ■■■ ■■ ■■■■ ■■■■■ ■■ ■■■ ■■■■ ■■ ■■■■ ■■■ ■■ ■■■■ ■■■■■ ■■ ■■■ ■■■■ ■■ ■■■■ ■■■ ■■ ■■■■ ■■■■■ ■■ ■■■ ■■■■ ■■ ■■■■ ■■■ ■■ ■■■■ ■■■■■ ■■ ■■■ ■■■■ ■■ ■■■■ ■■■ ■■ ■■■■ ■■■■■ ■■ ■■■ ■■■■ ■■ ■■■■ ■■■ ■■ ■■■■ ■■■■■	天津石化新源专业考核综合排名第一
■■ ■■■ ■■■■ ■■ ■■■■■ ■■ ■■■ ■■■■ ■■ ■■■■ ■■■ ■■ ■■■■ ■■■■■ ■■ ■■■ ■■■■ ■■ ■■■■ ■■■ ■■ ■■■■ ■■■■■ ■■ ■■■ ■■■■ ■■ ■■■■ ■■■ ■■ ■■■■ ■■■■■ ■■ ■■■ ■■■■ ■■ ■■■■ ■■■ ■■ ■■■■ ■■■■■ ■■ ■■■ ■■■■ ■■ ■■■■ ■■■ ■■ ■■■■ ■■■■■ ■■ ■■■ ■■■■ ■■ ■■■■ ■■■ ■■ ■■■■ ■■■■■ ■■ ■■■ ■■■■ ■■ ■■■■ ■■■ ■■ ■■■■ ■■■■■ ■■ ■■■ ■■■■ ■■ ■■■■ ■■■ ■■ ■■■■ ■■■■■ ■■ ■■■ ■■■■ ■■ ■■■■ ■■■ ■■ ■■■■ ■■■■■ ■■ ■■■ ■■■■ ■■ ■■■■ ■■■ ■■ ■■■■ ■■■■■ ■■ ■■■ ■■■■ ■■ ■■■■ ■■■ ■■ ■■■■ ■■■■■ ■■ ■■■ ■■■■ ■■ ■■■■ ■■■ ■■ ■■■■ ■■■■■ ■■ ■■■ ■■■■ ■■ ■■■■ ■■■ ■■ ■■■■ ■■■■■ ■■ ■■■ ■■■■ ■■ ■■■■ ■■■ ■■ ■■■■ ■■■■■ ■■ ■■■ ■■■■ ■■ ■■■■ ■■■ ■■ ■■■■ ■■■■■ ■■ ■■■ ■■■■ ■■ ■■■■ ■■■ ■■ ■■■■ ■■■■■ ■■ ■■■ ■■■■ ■■ ■■■■ ■■■ ■■ ■■■■ ■■■■■ ■■ ■■■ ■■■■ ■■ ■■■■ ■■■ ■■ ■■■■ ■■■■■ ■■ ■■■ ■■■■ ■■ ■■■■ ■■■ ■■ ■■■■ ■■■■■ ■■ ■■■ ■■■■ ■■ ■■■■ ■■■ ■■ ■■■■ ■■■■■ ■■ ■■■ ■■■■ ■■ ■■■■ ■■■ ■■ ■■■■ ■■■■■ ■■ ■■■ ■■■■ ■■ ■■■■ ■■■ ■■ ■■■■ ■■■■■ ■■ ■■■ ■■■■ ■■ ■■■■ ■■■ ■■ ■■■■ ■■■■■ ■■ ■■■ ■■■■ ■■ ■■■■ ■■■ ■■ ■■■■ ■■■■■
烈日下提前完成抽油机安装
■■ ■■■ ■■■■ ■■ ■■■■■ ■■ ■■■ ■■■■ ■■ ■■■■ ■■■ ■■ ■■■■ ■■■■■ ■■ ■■■ ■■■■ ■■ ■■■■ ■■■ ■■ ■■■■ ■■■■■ ■■ ■■■ ■■■■ ■■ ■■■■ ■■■ ■■ ■■■■ ■■■■■ ■■ ■■■ ■■■■ ■■ ■■■■ ■■■ ■■ ■■■■ ■■■■■ ■■ ■■■ ■■■■ ■■ ■■■■ ■■■ ■■ ■■■■ ■■■■■ ■■ ■■■ ■■■■ ■■ ■■■■ ■■■ ■■ ■■■■ ■■■■■ ■■ ■■■ ■■■■ ■■ ■■■■ ■■■ ■■ ■■■■ ■■■■■ ■■ ■■■ ■■■■ ■■ ■■■■ ■■■ ■■ ■■■■ ■■■■■ ■■ ■■■ ■■■■ ■■ ■■■■ ■■■ ■■ ■■■■ ■■■■■ ■■ ■■■ ■■■■ ■■ ■■■■ ■■■ ■■ ■■■■ ■■■■■ ■■ ■■■ ■■■■ ■■ ■■■■ ■■■ ■■ ■■■■ ■■■■■ ■■ ■■■ ■■■■ ■■ ■■■■ ■■■ ■■ ■■■■ ■■■■■ ■■ ■■■ ■■■■ ■■ ■■■■ ■■■ ■■ ■■■■ ■■■■■ ■■ ■■■ ■■■■ ■■ ■■■■ ■■■ ■■ ■■■■ ■■■■■ ■■ ■■■ ■■■■ ■■ ■■■■ ■■■ ■■ ■■■■ ■■■■■ ■■ ■■■ ■■■■ ■■ ■■■■ ■■■ ■■ ■■■■ ■■■■■ ■■ ■■■ ■■■■ ■■ ■■■■ ■■■ ■■ ■■■■ ■■■■■ ■■ ■■■ ■■■■ ■■ ■■■■ ■■■ ■■ ■■■■ ■■■■■ ■■ ■■■ ■■■■ ■■ ■■■■ ■■■ ■■ ■■■■ ■■■■■ ■■ ■■■ ■■■■ ■■ ■■■■ ■■■ ■■ ■■■■ ■■■■■ ■■ ■■■ ■■■■ ■■ ■■■■ ■■■ ■■ ■■■■ ■■■■■ ■■ ■■■ ■■■■ ■■ ■■■■ ■■■ ■■ ■■■■ ■■■■■ ■■ ■■■ ■■■■ ■■ ■■■■ ■■■ ■■ ■■■■ ■■■■■ ■■ ■■■ ■■■■ ■■ ■■■■ ■■■ ■■ ■■■■ ■■■■■
■■ ■■■ ■■■■ ■■ ■■■■■ ■■ ■■■ ■■■■ ■■ ■■■■ ■■■ ■■ ■■■■ ■■■■■ ■■ ■■■ ■■■■ ■■ ■■■■ ■■■ ■■ ■■■■ ■■■■■ ■■ ■■■ ■■■■ ■■ ■■■■ ■■■ ■■ ■■■■ ■■■■■ ■■ ■■■ ■■■■ ■■ ■■■■ ■■■ ■■ ■■■■ ■■■■■ ■■ ■■■ ■■■■ ■■ ■■■■ ■■■ ■■ ■■■■ ■■■■■ ■■ ■■■ ■■■■ ■■ ■■■■ ■■■ ■■ ■■■■ ■■■■■ ■■ ■■■ ■■■■ ■■ ■■■■ ■■■ ■■ ■■■■ ■■■■■ ■■ ■■■ ■■■■ ■■ ■■■■ ■■■ ■■ ■■■■ ■■■■■ ■■ ■■■ ■■■■ ■■ ■■■■ ■■■ ■■ ■■■■ ■■■■■ ■■ ■■■ ■■■■ ■■ ■■■■ ■■■ ■■ ■■■■ ■■■■■ ■■ ■■■ ■■■■ ■■ ■■■■ ■■■ ■■ ■■■■ ■■■■■ ■■ ■■■ ■■■■ ■■ ■■■■ ■■■ ■■ ■■■■ ■■■■■ ■■ ■■■ ■■■■ ■■ ■■■■ ■■■ ■■ ■■■■ ■■■■■ ■■ ■■■ ■■■■ ■■ ■■■■ ■■■ ■■ ■■■■ ■■■■■ ■■ ■■■ ■■■■ ■■ ■■■■ ■■■ ■■ ■■■■ ■■■■■ ■■ ■■■ ■■■■ ■■ ■■■■ ■■■ ■■ ■■■■ ■■■■■ ■■ ■■■ ■■■■ ■■ ■■■■ ■■■ ■■ ■■■■ ■■■■■ ■■ ■■■ ■■■■ ■■ ■■■■ ■■■ ■■ ■■■■ ■■■■■ ■■ ■■■ ■■■■ ■■ ■■■■ ■■■ ■■ ■■■■ ■■■■■ ■■ ■■■ ■■■■ ■■ ■■■■ ■■■ ■■ ■■■■ ■■■■■ ■■ ■■■ ■■■■ ■■ ■■■■ ■■■ ■■ ■■■■ ■■■■■ ■■ ■■■ ■■■■ ■■ ■■■■ ■■■ ■■ ■■■■ ■■■■■ ■■ ■■■ ■■■■ ■■ ■■■■ ■■■ ■■ ■■■■ ■■■■■ ■■ ■■■ ■■■■ ■■ ■■■■ ■■■ ■■ ■■■■ ■■■■■
走近一线
中机海化常戚区氮提共装联内同类装置最低
■■ ■■■ ■■■■ ■■ ■■■■■ ■■ ■■■ ■■■■ ■■ ■■■■ ■■■ ■■ ■■■■ ■■■■■ ■■ ■■■ ■■■■ ■■ ■■■■ ■■■ ■■ ■■■■ ■■■■■ ■■ ■■■ ■■■■ ■■ ■■■■ ■■■ ■■ ■■■■ ■■■■■ ■■ ■■■ ■■■■ ■■ ■■■■ ■■■ ■■ ■■■■ ■■■■■ ■■ ■■■ ■■■■ ■■ ■■■■ ■■■ ■■ ■■■■ ■■■■■ ■■ ■■■ ■■■■ ■■ ■■■■ ■■■ ■■ ■■■■ ■■■■■ ■■ ■■■ ■■■■ ■■ ■■■■ ■■■ ■■ ■■■■ ■■■■■ ■■ ■■■ ■■■■ ■■ ■■■■ ■■■ ■■ ■■■■ ■■■■■ ■■ ■■■ ■■■■ ■■ ■■■■ ■■■ ■■ ■■■■ ■■■■■ ■■ ■■■ ■■■■ ■■ ■■■■ ■■■ ■■ ■■■■ ■■■■■ ■■ ■■■ ■■■■ ■■ ■■■■ ■■■ ■■ ■■■■ ■■■■■ ■■ ■■■ ■■■■ ■■ ■■■■ ■■■ ■■ ■■■■ ■■■■■ ■■ ■■■ ■■■■ ■■ ■■■■ ■■■ ■■ ■■■■ ■■■■■ ■■ ■■■ ■■■■ ■■ ■■■■ ■■■ ■■ ■■■■ ■■■■■ ■■ ■■■ ■■■■ ■■ ■■■■ ■■■ ■■ ■■■■ ■■■■■ ■■ ■■■ ■■■■ ■■ ■■■■ ■■■ ■■ ■■■■ ■■■■■ ■■ ■■■ ■■■■ ■■ ■■■■ ■■■ ■■ ■■■■ ■■■■■ ■■ ■■■ ■■■■ ■■ ■■■■ ■■■ ■■ ■■■■ ■■■■■ ■■ ■■■ ■■■■ ■■ ■■■■ ■■■ ■■ ■■■■ ■■■■■ ■■ ■■■ ■■■■ ■■ ■■■■ ■■■ ■■ ■■■■ ■■■■■ ■■ ■■■ ■■■■ ■■ ■■■■ ■■■ ■■ ■■■■ ■■■■■ ■■ ■■■ ■■■■ ■■ ■■■■ ■■■ ■■ ■■■■ ■■■■■ ■■ ■■■ ■■■■ ■■ ■■■■ ■■■ ■■ ■■■■ ■■■■■ ■■ ■■■ ■■■■ ■■ ■■■■ ■■■ ■■ ■■■■ ■■■■■
